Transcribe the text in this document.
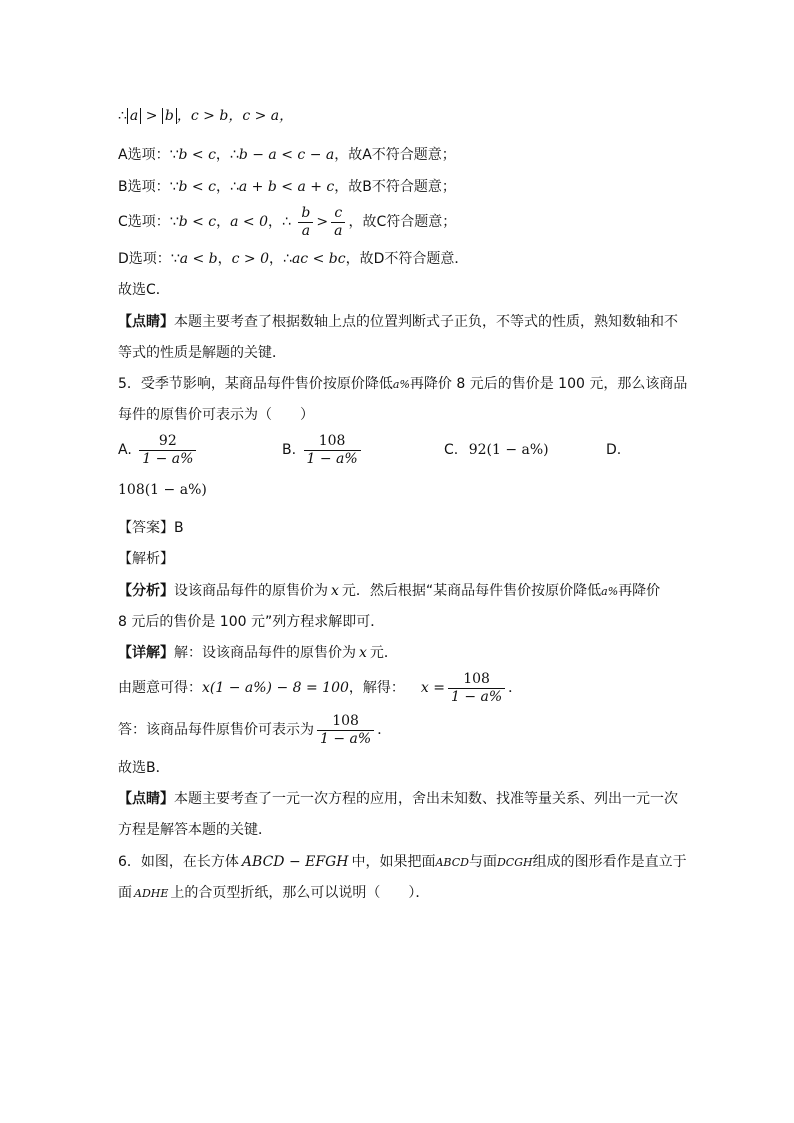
∴ a > b ，c > b，c > a，
A选项：∵b < c，∴b − a < c − a，故A不符合题意；
B选项：∵b < c，∴a + b < a + c，故B不符合题意；
C选项：∵b < c，a < 0，∴ $\frac{b}{a} > \frac{c}{a}$ ，故C符合题意；
D选项：∵a < b，c > 0，∴ac < bc，故D不符合题意．
故选C．
【点睛】本题主要考查了根据数轴上点的位置判断式子正负，不等式的性质，熟知数轴和不
等式的性质是解题的关键．
5．受季节影响，某商品每件售价按原价降低a%再降价 8 元后的售价是 100 元，那么该商品
每件的原售价可表示为（　　）
A. $\frac{92}{1 - a\%}$	B. $\frac{108}{1 - a\%}$	C. 92(1 − a%)	D.
108(1 − a%)
【答案】B
【解析】
【分析】设该商品每件的原售价为 x 元．然后根据“某商品每件售价按原价降低a%再降价
8 元后的售价是 100 元”列方程求解即可．
【详解】解：设该商品每件的原售价为 x 元．
由题意可得：x(1 − a%) − 8 = 100，解得： $x = \frac{108}{1 - a\%}$ ．
答：该商品每件原售价可表示为 $\frac{108}{1 - a\%}$ ．
故选B．
【点睛】本题主要考查了一元一次方程的应用，舍出未知数、找准等量关系、列出一元一次
方程是解答本题的关键．
6．如图，在长方体 ABCD − EFGH 中，如果把面ABCD与面DCGH组成的图形看作是直立于
面 ADHE 上的合页型折纸，那么可以说明（　　）．
